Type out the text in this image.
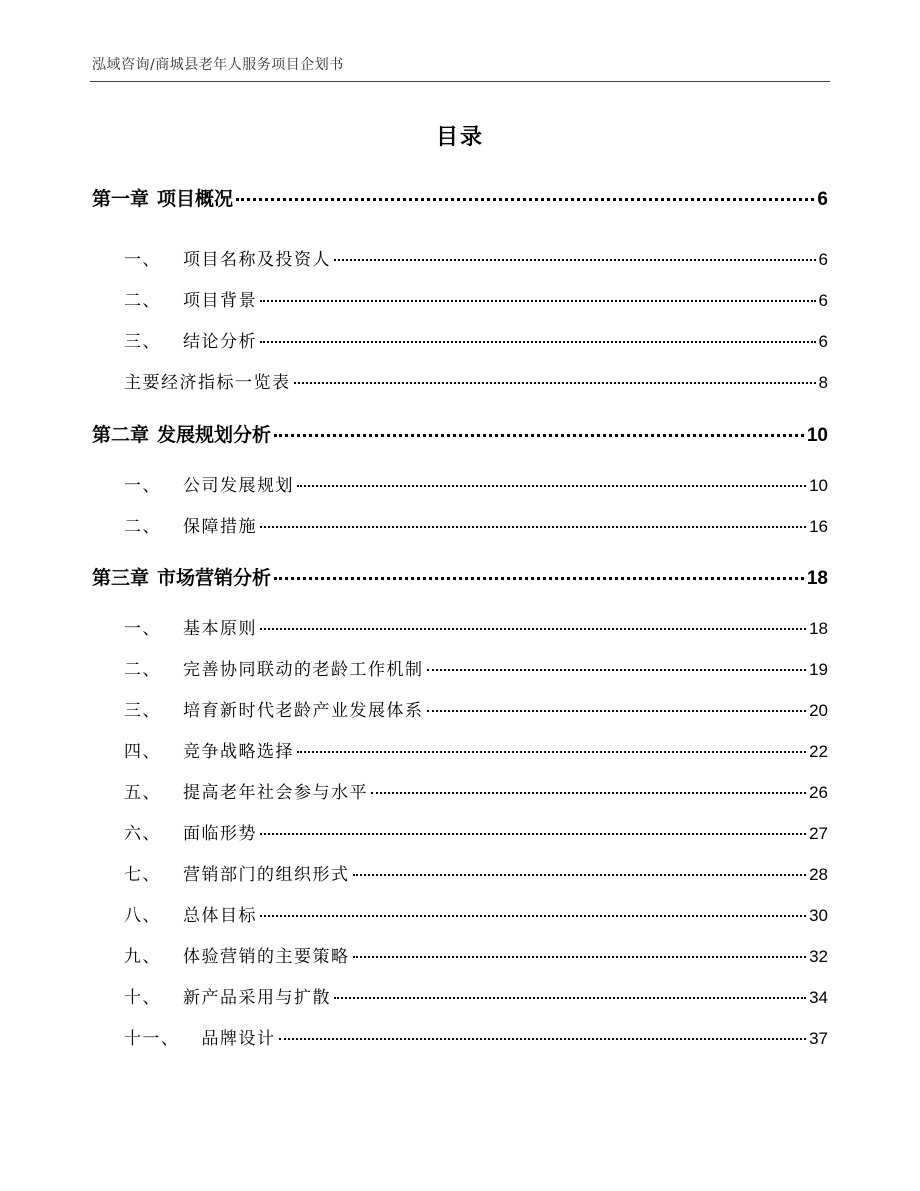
泓域咨询/商城县老年人服务项目企划书
目录
第一章 项目概况	6
一、 项目名称及投资人	6
二、 项目背景	6
三、 结论分析	6
主要经济指标一览表	8
第二章 发展规划分析	10
一、 公司发展规划	10
二、 保障措施	16
第三章 市场营销分析	18
一、 基本原则	18
二、 完善协同联动的老龄工作机制	19
三、 培育新时代老龄产业发展体系	20
四、 竞争战略选择	22
五、 提高老年社会参与水平	26
六、 面临形势	27
七、 营销部门的组织形式	28
八、 总体目标	30
九、 体验营销的主要策略	32
十、 新产品采用与扩散	34
十一、 品牌设计	37
